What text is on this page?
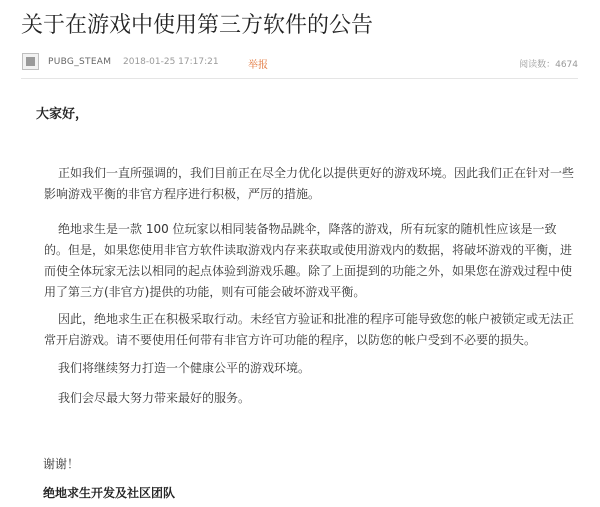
关于在游戏中使用第三方软件的公告
PUBG_STEAM 2018-01-25 17:17:21	举报	阅读数：4674
大家好，

正如我们一直所强调的，我们目前正在尽全力优化以提供更好的游戏环境。因此我们正在针对一些影响游戏平衡的非官方程序进行积极，严厉的措施。

绝地求生是一款 100 位玩家以相同装备物品跳伞，降落的游戏，所有玩家的随机性应该是一致的。但是，如果您使用非官方软件读取游戏内存来获取或使用游戏内的数据，将破坏游戏的平衡，进而使全体玩家无法以相同的起点体验到游戏乐趣。除了上面提到的功能之外，如果您在游戏过程中使用了第三方(非官方)提供的功能，则有可能会破坏游戏平衡。

因此，绝地求生正在积极采取行动。未经官方验证和批准的程序可能导致您的帐户被锁定或无法正常开启游戏。请不要使用任何带有非官方许可功能的程序，以防您的帐户受到不必要的损失。

我们将继续努力打造一个健康公平的游戏环境。

我们会尽最大努力带来最好的服务。

谢谢！
绝地求生开发及社区团队
